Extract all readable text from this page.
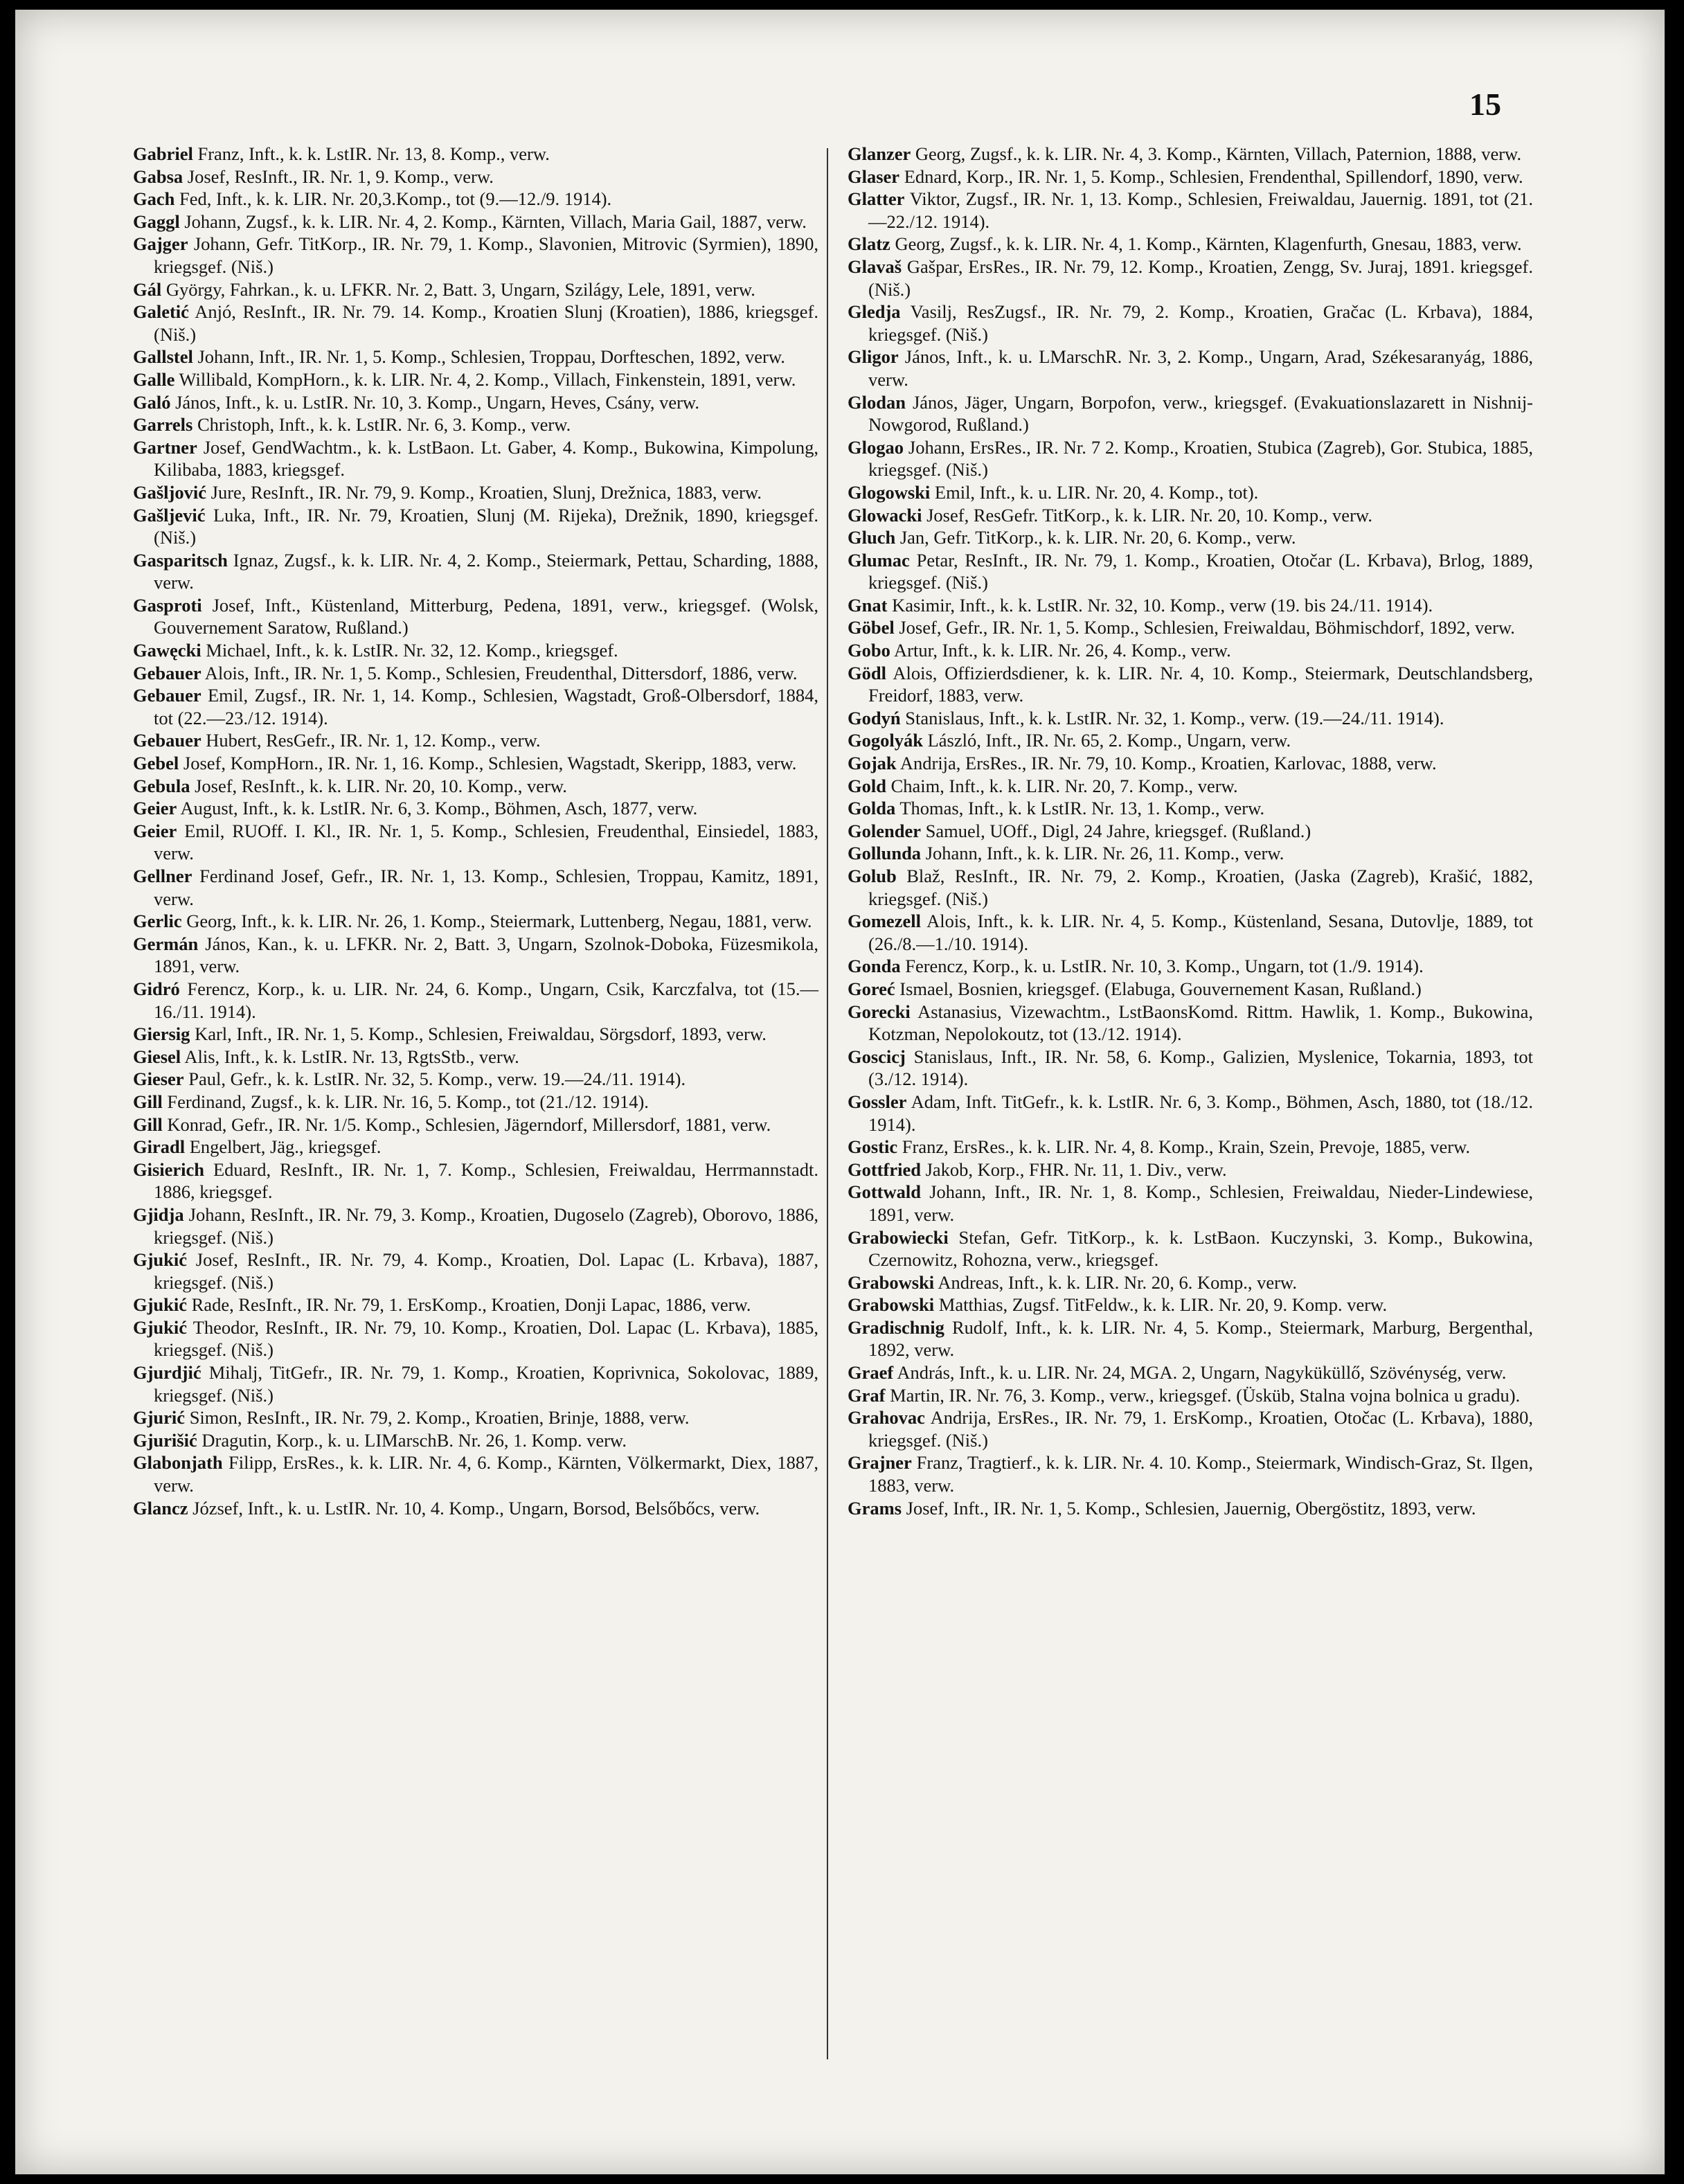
15
Gabriel Franz, Inft., k. k. LstIR. Nr. 13, 8. Komp., verw.
Gabsa Josef, ResInft., IR. Nr. 1, 9. Komp., verw.
Gach Fed, Inft., k. k. LIR. Nr. 20,3.Komp., tot (9.—12./9. 1914).
Gaggl Johann, Zugsf., k. k. LIR. Nr. 4, 2. Komp., Kärnten, Villach, Maria Gail, 1887, verw.
Gajger Johann, Gefr. TitKorp., IR. Nr. 79, 1. Komp., Slavonien, Mitrovic (Syrmien), 1890, kriegsgef. (Niš.)
Gál György, Fahrkan., k. u. LFKR. Nr. 2, Batt. 3, Ungarn, Szilágy, Lele, 1891, verw.
Galetić Anjó, ResInft., IR. Nr. 79. 14. Komp., Kroatien Slunj (Kroatien), 1886, kriegsgef. (Niš.)
Gallstel Johann, Inft., IR. Nr. 1, 5. Komp., Schlesien, Troppau, Dorfteschen, 1892, verw.
Galle Willibald, KompHorn., k. k. LIR. Nr. 4, 2. Komp., Villach, Finkenstein, 1891, verw.
Galó János, Inft., k. u. LstIR. Nr. 10, 3. Komp., Ungarn, Heves, Csány, verw.
Garrels Christoph, Inft., k. k. LstIR. Nr. 6, 3. Komp., verw.
Gartner Josef, GendWachtm., k. k. LstBaon. Lt. Gaber, 4. Komp., Bukowina, Kimpolung, Kilibaba, 1883, kriegsgef.
Gašljović Jure, ResInft., IR. Nr. 79, 9. Komp., Kroatien, Slunj, Drežnica, 1883, verw.
Gašljević Luka, Inft., IR. Nr. 79, Kroatien, Slunj (M. Rijeka), Drežnik, 1890, kriegsgef. (Niš.)
Gasparitsch Ignaz, Zugsf., k. k. LIR. Nr. 4, 2. Komp., Steiermark, Pettau, Scharding, 1888, verw.
Gasproti Josef, Inft., Küstenland, Mitterburg, Pedena, 1891, verw., kriegsgef. (Wolsk, Gouvernement Saratow, Rußland.)
Gawęcki Michael, Inft., k. k. LstIR. Nr. 32, 12. Komp., kriegsgef.
Gebauer Alois, Inft., IR. Nr. 1, 5. Komp., Schlesien, Freudenthal, Dittersdorf, 1886, verw.
Gebauer Emil, Zugsf., IR. Nr. 1, 14. Komp., Schlesien, Wagstadt, Groß-Olbersdorf, 1884, tot (22.—23./12. 1914).
Gebauer Hubert, ResGefr., IR. Nr. 1, 12. Komp., verw.
Gebel Josef, KompHorn., IR. Nr. 1, 16. Komp., Schlesien, Wagstadt, Skeripp, 1883, verw.
Gebula Josef, ResInft., k. k. LIR. Nr. 20, 10. Komp., verw.
Geier August, Inft., k. k. LstIR. Nr. 6, 3. Komp., Böhmen, Asch, 1877, verw.
Geier Emil, RUOff. I. Kl., IR. Nr. 1, 5. Komp., Schlesien, Freudenthal, Einsiedel, 1883, verw.
Gellner Ferdinand Josef, Gefr., IR. Nr. 1, 13. Komp., Schlesien, Troppau, Kamitz, 1891, verw.
Gerlic Georg, Inft., k. k. LIR. Nr. 26, 1. Komp., Steiermark, Luttenberg, Negau, 1881, verw.
Germán János, Kan., k. u. LFKR. Nr. 2, Batt. 3, Ungarn, Szolnok-Doboka, Füzesmikola, 1891, verw.
Gidró Ferencz, Korp., k. u. LIR. Nr. 24, 6. Komp., Ungarn, Csik, Karczfalva, tot (15.—16./11. 1914).
Giersig Karl, Inft., IR. Nr. 1, 5. Komp., Schlesien, Freiwaldau, Sörgsdorf, 1893, verw.
Giesel Alis, Inft., k. k. LstIR. Nr. 13, RgtsStb., verw.
Gieser Paul, Gefr., k. k. LstIR. Nr. 32, 5. Komp., verw. 19.—24./11. 1914).
Gill Ferdinand, Zugsf., k. k. LIR. Nr. 16, 5. Komp., tot (21./12. 1914).
Gill Konrad, Gefr., IR. Nr. 1/5. Komp., Schlesien, Jägerndorf, Millersdorf, 1881, verw.
Giradl Engelbert, Jäg., kriegsgef.
Gisierich Eduard, ResInft., IR. Nr. 1, 7. Komp., Schlesien, Freiwaldau, Herrmannstadt. 1886, kriegsgef.
Gjidja Johann, ResInft., IR. Nr. 79, 3. Komp., Kroatien, Dugoselo (Zagreb), Oborovo, 1886, kriegsgef. (Niš.)
Gjukić Josef, ResInft., IR. Nr. 79, 4. Komp., Kroatien, Dol. Lapac (L. Krbava), 1887, kriegsgef. (Niš.)
Gjukić Rade, ResInft., IR. Nr. 79, 1. ErsKomp., Kroatien, Donji Lapac, 1886, verw.
Gjukić Theodor, ResInft., IR. Nr. 79, 10. Komp., Kroatien, Dol. Lapac (L. Krbava), 1885, kriegsgef. (Niš.)
Gjurdjić Mihalj, TitGefr., IR. Nr. 79, 1. Komp., Kroatien, Koprivnica, Sokolovac, 1889, kriegsgef. (Niš.)
Gjurić Simon, ResInft., IR. Nr. 79, 2. Komp., Kroatien, Brinje, 1888, verw.
Gjurišić Dragutin, Korp., k. u. LIMarschB. Nr. 26, 1. Komp. verw.
Glabonjath Filipp, ErsRes., k. k. LIR. Nr. 4, 6. Komp., Kärnten, Völkermarkt, Diex, 1887, verw.
Glancz József, Inft., k. u. LstIR. Nr. 10, 4. Komp., Ungarn, Borsod, Belsőbőcs, verw.
Glanzer Georg, Zugsf., k. k. LIR. Nr. 4, 3. Komp., Kärnten, Villach, Paternion, 1888, verw.
Glaser Ednard, Korp., IR. Nr. 1, 5. Komp., Schlesien, Frendenthal, Spillendorf, 1890, verw.
Glatter Viktor, Zugsf., IR. Nr. 1, 13. Komp., Schlesien, Freiwaldau, Jauernig. 1891, tot (21.—22./12. 1914).
Glatz Georg, Zugsf., k. k. LIR. Nr. 4, 1. Komp., Kärnten, Klagenfurth, Gnesau, 1883, verw.
Glavaš Gašpar, ErsRes., IR. Nr. 79, 12. Komp., Kroatien, Zengg, Sv. Juraj, 1891. kriegsgef. (Niš.)
Gledja Vasilj, ResZugsf., IR. Nr. 79, 2. Komp., Kroatien, Gračac (L. Krbava), 1884, kriegsgef. (Niš.)
Gligor János, Inft., k. u. LMarschR. Nr. 3, 2. Komp., Ungarn, Arad, Székesaranyág, 1886, verw.
Glodan János, Jäger, Ungarn, Borpofon, verw., kriegsgef. (Evakuationslazarett in Nishnij-Nowgorod, Rußland.)
Glogao Johann, ErsRes., IR. Nr. 7 2. Komp., Kroatien, Stubica (Zagreb), Gor. Stubica, 1885, kriegsgef. (Niš.)
Glogowski Emil, Inft., k. u. LIR. Nr. 20, 4. Komp., tot).
Glowacki Josef, ResGefr. TitKorp., k. k. LIR. Nr. 20, 10. Komp., verw.
Gluch Jan, Gefr. TitKorp., k. k. LIR. Nr. 20, 6. Komp., verw.
Glumac Petar, ResInft., IR. Nr. 79, 1. Komp., Kroatien, Otočar (L. Krbava), Brlog, 1889, kriegsgef. (Niš.)
Gnat Kasimir, Inft., k. k. LstIR. Nr. 32, 10. Komp., verw (19. bis 24./11. 1914).
Göbel Josef, Gefr., IR. Nr. 1, 5. Komp., Schlesien, Freiwaldau, Böhmischdorf, 1892, verw.
Gobo Artur, Inft., k. k. LIR. Nr. 26, 4. Komp., verw.
Gödl Alois, Offizierdsdiener, k. k. LIR. Nr. 4, 10. Komp., Steiermark, Deutschlandsberg, Freidorf, 1883, verw.
Godyń Stanislaus, Inft., k. k. LstIR. Nr. 32, 1. Komp., verw. (19.—24./11. 1914).
Gogolyák László, Inft., IR. Nr. 65, 2. Komp., Ungarn, verw.
Gojak Andrija, ErsRes., IR. Nr. 79, 10. Komp., Kroatien, Karlovac, 1888, verw.
Gold Chaim, Inft., k. k. LIR. Nr. 20, 7. Komp., verw.
Golda Thomas, Inft., k. k LstIR. Nr. 13, 1. Komp., verw.
Golender Samuel, UOff., Digl, 24 Jahre, kriegsgef. (Rußland.)
Gollunda Johann, Inft., k. k. LIR. Nr. 26, 11. Komp., verw.
Golub Blaž, ResInft., IR. Nr. 79, 2. Komp., Kroatien, (Jaska (Zagreb), Krašić, 1882, kriegsgef. (Niš.)
Gomezell Alois, Inft., k. k. LIR. Nr. 4, 5. Komp., Küstenland, Sesana, Dutovlje, 1889, tot (26./8.—1./10. 1914).
Gonda Ferencz, Korp., k. u. LstIR. Nr. 10, 3. Komp., Ungarn, tot (1./9. 1914).
Goreć Ismael, Bosnien, kriegsgef. (Elabuga, Gouvernement Kasan, Rußland.)
Gorecki Astanasius, Vizewachtm., LstBaonsKomd. Rittm. Hawlik, 1. Komp., Bukowina, Kotzman, Nepolokoutz, tot (13./12. 1914).
Goscicj Stanislaus, Inft., IR. Nr. 58, 6. Komp., Galizien, Myslenice, Tokarnia, 1893, tot (3./12. 1914).
Gossler Adam, Inft. TitGefr., k. k. LstIR. Nr. 6, 3. Komp., Böhmen, Asch, 1880, tot (18./12. 1914).
Gostic Franz, ErsRes., k. k. LIR. Nr. 4, 8. Komp., Krain, Szein, Prevoje, 1885, verw.
Gottfried Jakob, Korp., FHR. Nr. 11, 1. Div., verw.
Gottwald Johann, Inft., IR. Nr. 1, 8. Komp., Schlesien, Freiwaldau, Nieder-Lindewiese, 1891, verw.
Grabowiecki Stefan, Gefr. TitKorp., k. k. LstBaon. Kuczynski, 3. Komp., Bukowina, Czernowitz, Rohozna, verw., kriegsgef.
Grabowski Andreas, Inft., k. k. LIR. Nr. 20, 6. Komp., verw.
Grabowski Matthias, Zugsf. TitFeldw., k. k. LIR. Nr. 20, 9. Komp. verw.
Gradischnig Rudolf, Inft., k. k. LIR. Nr. 4, 5. Komp., Steiermark, Marburg, Bergenthal, 1892, verw.
Graef András, Inft., k. u. LIR. Nr. 24, MGA. 2, Ungarn, Nagyküküllő, Szövénység, verw.
Graf Martin, IR. Nr. 76, 3. Komp., verw., kriegsgef. (Üsküb, Stalna vojna bolnica u gradu).
Grahovac Andrija, ErsRes., IR. Nr. 79, 1. ErsKomp., Kroatien, Otočac (L. Krbava), 1880, kriegsgef. (Niš.)
Grajner Franz, Tragtierf., k. k. LIR. Nr. 4. 10. Komp., Steiermark, Windisch-Graz, St. Ilgen, 1883, verw.
Grams Josef, Inft., IR. Nr. 1, 5. Komp., Schlesien, Jauernig, Obergöstitz, 1893, verw.
